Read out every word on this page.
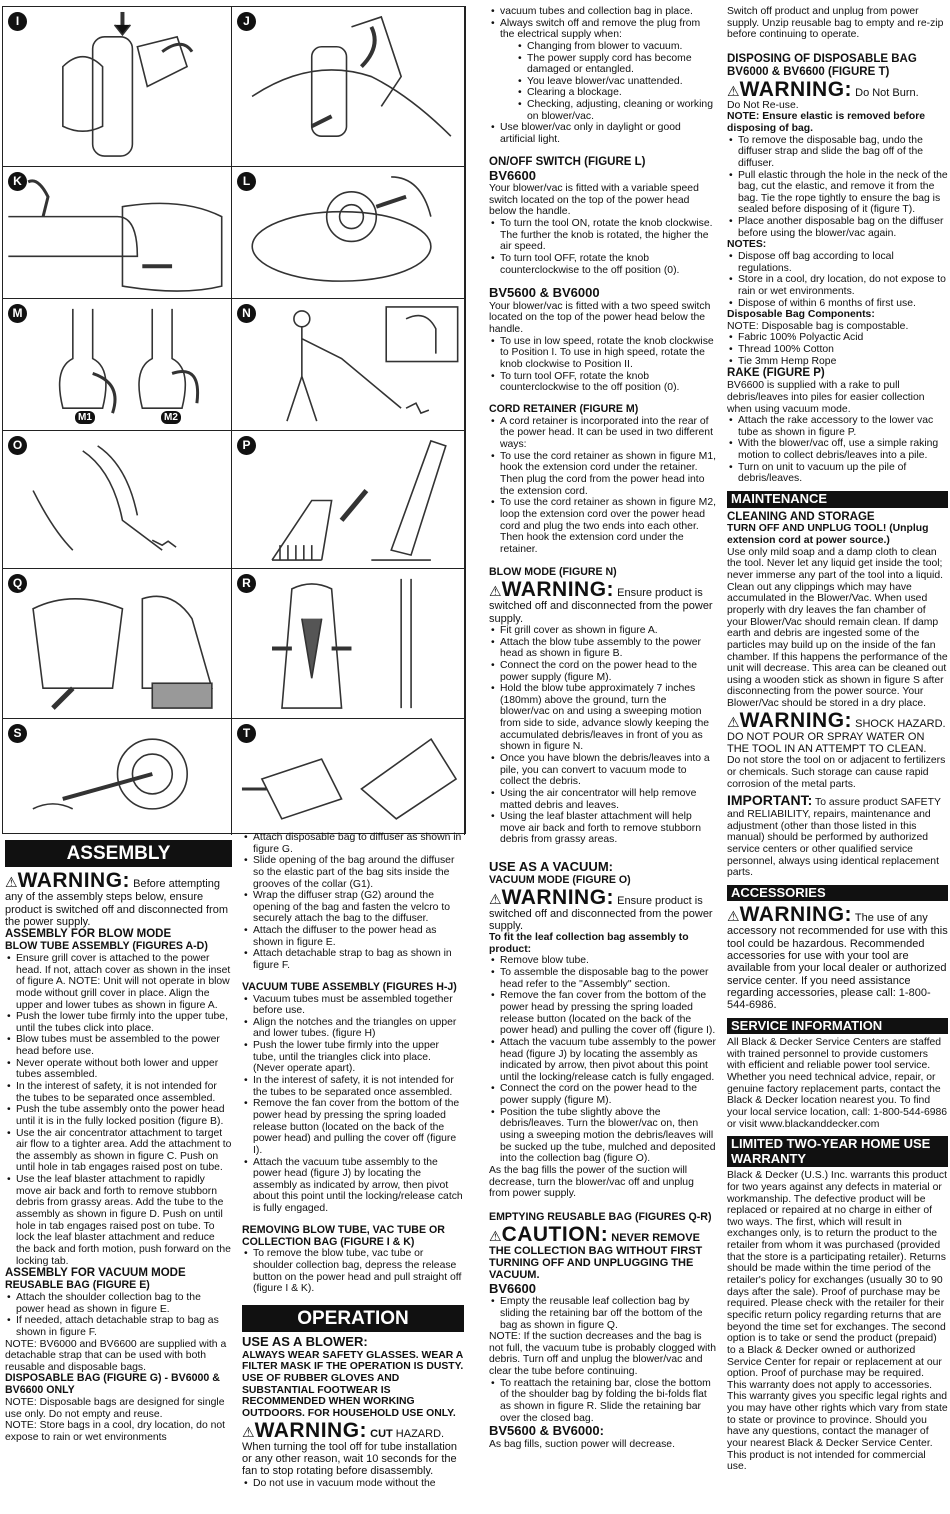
I	J
K	L
M
M1	M2
N
O	P
Q	R
S	T
ASSEMBLY

⚠WARNING: Before attempting any of the assembly steps below, ensure product is switched off and disconnected from the power supply.

ASSEMBLY FOR BLOW MODE

BLOW TUBE ASSEMBLY (FIGURES A-D)

• Ensure grill cover is attached to the power head. If not, attach cover as shown in the inset of figure A. NOTE: Unit will not operate in blow mode without grill cover in place. Align the upper and lower tubes as shown in figure A.
• Push the lower tube firmly into the upper tube, until the tubes click into place.
• Blow tubes must be assembled to the power head before use.
• Never operate without both lower and upper tubes assembled.
• In the interest of safety, it is not intended for the tubes to be separated once assembled.
• Push the tube assembly onto the power head until it is in the fully locked position (figure B).
• Use the air concentrator attachment to target air flow to a tighter area. Add the attachment to the assembly as shown in figure C. Push on until hole in tab engages raised post on tube.
• Use the leaf blaster attachment to rapidly move air back and forth to remove stubborn debris from grassy areas. Add the tube to the assembly as shown in figure D. Push on until hole in tab engages raised post on tube. To lock the leaf blaster attachment and reduce the back and forth motion, push forward on the locking tab.

ASSEMBLY FOR VACUUM MODE

REUSABLE BAG (FIGURE E)

• Attach the shoulder collection bag to the power head as shown in figure E.
• If needed, attach detachable strap to bag as shown in figure F.

NOTE: BV6000 and BV6600 are supplied with a detachable strap that can be used with both reusable and disposable bags.

DISPOSABLE BAG (FIGURE G) - BV6000 & BV6600 ONLY

NOTE: Disposable bags are designed for single use only. Do not empty and reuse.

NOTE: Store bags in a cool, dry location, do not expose to rain or wet environments

• Attach disposable bag to diffuser as shown in figure G.
• Slide opening of the bag around the diffuser so the elastic part of the bag sits inside the grooves of the collar (G1).
• Wrap the diffuser strap (G2) around the opening of the bag and fasten the velcro to securely attach the bag to the diffuser.
• Attach the diffuser to the power head as shown in figure E.
• Attach detachable strap to bag as shown in figure F.

VACUUM TUBE ASSEMBLY (FIGURES H-J)

• Vacuum tubes must be assembled together before use.
• Align the notches and the triangles on upper and lower tubes. (figure H)
• Push the lower tube firmly into the upper tube, until the triangles click into place. (Never operate apart).
• In the interest of safety, it is not intended for the tubes to be separated once assembled.
• Remove the fan cover from the bottom of the power head by pressing the spring loaded release button (located on the back of the power head) and pulling the cover off (figure I).
• Attach the vacuum tube assembly to the power head (figure J) by locating the assembly as indicated by arrow, then pivot about this point until the locking/release catch is fully engaged.

REMOVING BLOW TUBE, VAC TUBE OR COLLECTION BAG (FIGURE I & K)

• To remove the blow tube, vac tube or shoulder collection bag, depress the release button on the power head and pull straight off (figure I & K).
OPERATION

USE AS A BLOWER:

ALWAYS WEAR SAFETY GLASSES. WEAR A FILTER MASK IF THE OPERATION IS DUSTY. USE OF RUBBER GLOVES AND SUBSTANTIAL FOOTWEAR IS RECOMMENDED WHEN WORKING OUTDOORS. FOR HOUSEHOLD USE ONLY.

⚠WARNING: CUT HAZARD. When turning the tool off for tube installation or any other reason, wait 10 seconds for the fan to stop rotating before disassembly.

• Do not use in vacuum mode without the
• vacuum tubes and collection bag in place.
• Always switch off and remove the plug from the electrical supply when:
• Changing from blower to vacuum.
• The power supply cord has become damaged or entangled.
• You leave blower/vac unattended.
• Clearing a blockage.
• Checking, adjusting, cleaning or working on blower/vac.
• Use blower/vac only in daylight or good artificial light.

ON/OFF SWITCH (FIGURE L)

BV6600

Your blower/vac is fitted with a variable speed switch located on the top of the power head below the handle.

• To turn the tool ON, rotate the knob clockwise. The further the knob is rotated, the higher the air speed.
• To turn tool OFF, rotate the knob counterclockwise to the off position (0).

BV5600 & BV6000

Your blower/vac is fitted with a two speed switch located on the top of the power head below the handle.

• To use in low speed, rotate the knob clockwise to Position I. To use in high speed, rotate the knob clockwise to Position II.
• To turn tool OFF, rotate the knob counterclockwise to the off position (0).

CORD RETAINER (FIGURE M)

• A cord retainer is incorporated into the rear of the power head. It can be used in two different ways:
• To use the cord retainer as shown in figure M1, hook the extension cord under the retainer. Then plug the cord from the power head into the extension cord.
• To use the cord retainer as shown in figure M2, loop the extension cord over the power head cord and plug the two ends into each other. Then hook the extension cord under the retainer.

BLOW MODE (FIGURE N)

⚠WARNING: Ensure product is switched off and disconnected from the power supply.

• Fit grill cover as shown in figure A.
• Attach the blow tube assembly to the power head as shown in figure B.
• Connect the cord on the power head to the power supply (figure M).
• Hold the blow tube approximately 7 inches (180mm) above the ground, turn the blower/vac on and using a sweeping motion from side to side, advance slowly keeping the accumulated debris/leaves in front of you as shown in figure N.
• Once you have blown the debris/leaves into a pile, you can convert to vacuum mode to collect the debris.
• Using the air concentrator will help remove matted debris and leaves.
• Using the leaf blaster attachment will help move air back and forth to remove stubborn debris from grassy areas.

USE AS A VACUUM:

VACUUM MODE (FIGURE O)

⚠WARNING: Ensure product is switched off and disconnected from the power supply.

To fit the leaf collection bag assembly to product:

• Remove blow tube.
• To assemble the disposable bag to the power head refer to the "Assembly" section.
• Remove the fan cover from the bottom of the power head by pressing the spring loaded release button (located on the back of the power head) and pulling the cover off (figure I).
• Attach the vacuum tube assembly to the power head (figure J) by locating the assembly as indicated by arrow, then pivot about this point until the locking/release catch is fully engaged.
• Connect the cord on the power head to the power supply (figure M).
• Position the tube slightly above the debris/leaves. Turn the blower/vac on, then using a sweeping motion the debris/leaves will be sucked up the tube, mulched and deposited into the collection bag (figure O).

As the bag fills the power of the suction will decrease, turn the blower/vac off and unplug from power supply.

EMPTYING REUSABLE BAG (FIGURES Q-R)

⚠CAUTION: NEVER REMOVE THE COLLECTION BAG WITHOUT FIRST TURNING OFF AND UNPLUGGING THE VACUUM.

BV6600

• Empty the reusable leaf collection bag by sliding the retaining bar off the bottom of the bag as shown in figure Q.

NOTE: If the suction decreases and the bag is not full, the vacuum tube is probably clogged with debris. Turn off and unplug the blower/vac and clear the tube before continuing.

• To reattach the retaining bar, close the bottom of the shoulder bag by folding the bi-folds flat as shown in figure R. Slide the retaining bar over the closed bag.

BV5600 & BV6000:

As bag fills, suction power will decrease.

Switch off product and unplug from power supply. Unzip reusable bag to empty and re-zip before continuing to operate.

DISPOSING OF DISPOSABLE BAG BV6000 & BV6600 (FIGURE T)

⚠WARNING: Do Not Burn.

Do Not Re-use.

NOTE: Ensure elastic is removed before disposing of bag.

• To remove the disposable bag, undo the diffuser strap and slide the bag off of the diffuser.
• Pull elastic through the hole in the neck of the bag, cut the elastic, and remove it from the bag. Tie the rope tightly to ensure the bag is sealed before disposing of it (figure T).
• Place another disposable bag on the diffuser before using the blower/vac again.

NOTES:

• Dispose off bag according to local regulations.
• Store in a cool, dry location, do not expose to rain or wet environments.
• Dispose of within 6 months of first use.

Disposable Bag Components:

NOTE: Disposable bag is compostable.

• Fabric 100% Polyactic Acid
• Thread 100% Cotton
• Tie 3mm Hemp Rope

RAKE (FIGURE P)

BV6600 is supplied with a rake to pull debris/leaves into piles for easier collection when using vacuum mode.

• Attach the rake accessory to the lower vac tube as shown in figure P.
• With the blower/vac off, use a simple raking motion to collect debris/leaves into a pile.
• Turn on unit to vacuum up the pile of debris/leaves.
MAINTENANCE

CLEANING AND STORAGE

TURN OFF AND UNPLUG TOOL! (Unplug extension cord at power source.)

Use only mild soap and a damp cloth to clean the tool. Never let any liquid get inside the tool; never immerse any part of the tool into a liquid. Clean out any clippings which may have accumulated in the Blower/Vac. When used properly with dry leaves the fan chamber of your Blower/Vac should remain clean. If damp earth and debris are ingested some of the particles may build up on the inside of the fan chamber. If this happens the performance of the unit will decrease. This area can be cleaned out using a wooden stick as shown in figure S after disconnecting from the power source. Your Blower/Vac should be stored in a dry place.

⚠WARNING: SHOCK HAZARD. DO NOT POUR OR SPRAY WATER ON THE TOOL IN AN ATTEMPT TO CLEAN.

Do not store the tool on or adjacent to fertilizers or chemicals. Such storage can cause rapid corrosion of the metal parts.

IMPORTANT: To assure product SAFETY and RELIABILITY, repairs, maintenance and adjustment (other than those listed in this manual) should be performed by authorized service centers or other qualified service personnel, always using identical replacement parts.

ACCESSORIES

⚠WARNING: The use of any accessory not recommended for use with this tool could be hazardous. Recommended accessories for use with your tool are available from your local dealer or authorized service center. If you need assistance regarding accessories, please call: 1-800-544-6986.

SERVICE INFORMATION

All Black & Decker Service Centers are staffed with trained personnel to provide customers with efficient and reliable power tool service. Whether you need technical advice, repair, or genuine factory replacement parts, contact the Black & Decker location nearest you. To find your local service location, call: 1-800-544-6986 or visit www.blackanddecker.com

LIMITED TWO-YEAR HOME USE WARRANTY

Black & Decker (U.S.) Inc. warrants this product for two years against any defects in material or workmanship. The defective product will be replaced or repaired at no charge in either of two ways. The first, which will result in exchanges only, is to return the product to the retailer from whom it was purchased (provided that the store is a participating retailer). Returns should be made within the time period of the retailer's policy for exchanges (usually 30 to 90 days after the sale). Proof of purchase may be required. Please check with the retailer for their specific return policy regarding returns that are beyond the time set for exchanges. The second option is to take or send the product (prepaid) to a Black & Decker owned or authorized Service Center for repair or replacement at our option. Proof of purchase may be required.

This warranty does not apply to accessories. This warranty gives you specific legal rights and you may have other rights which vary from state to state or province to province. Should you have any questions, contact the manager of your nearest Black & Decker Service Center. This product is not intended for commercial use.
